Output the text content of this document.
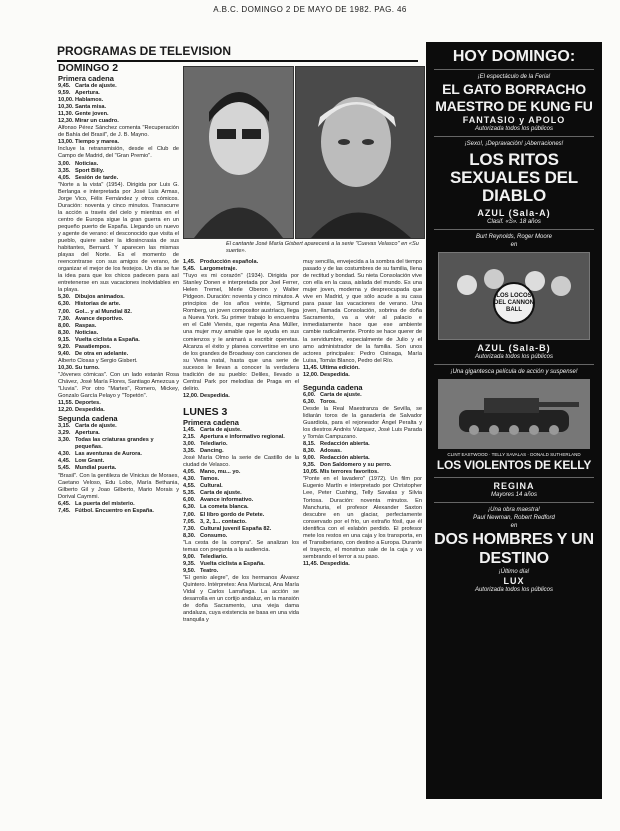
A.B.C. DOMINGO 2 DE MAYO DE 1982. PAG. 46
PROGRAMAS DE TELEVISION

DOMINGO 2

Primera cadena

9,45. Carta de ajuste.
9,59. Apertura.
10,00. Hablamos.
10,30. Santa misa.
11,30. Gente joven.
12,30. Mirar un cuadro.

Alfonso Pérez Sánchez comenta "Recuperación de Bahía del Brasil", de J. B. Mayno.

13,00. Tiempo y marea.

Incluye la retransmisión, desde el Club de Campo de Madrid, del "Gran Premio".

3,00. Noticias.
3,35. Sport Billy.
4,05. Sesión de tarde.

"Norte a la vista" (1954). Dirigida por Luis G. Berlanga e interpretada por José Luis Armas, Jorge Vico, Félix Fernández y otros cómicos. Duración: noventa y cinco minutos. Transcurre la acción a través del cielo y mientras en el centro de Europa sigue la gran guerra en un pequeño puerto de España. Llegando un nuevo y agente de verano: el desconocido que visita el pueblo, quiere saber la idiosincrasia de sus habitantes, Bernard. Y aparecen las mismas playas del Norte. Es el momento de reencontrarse con sus amigos de verano, de organizar el mejor de los festejos. Un día se fue la idea para que los chicos padecen para así entretenerse en sus vacaciones inolvidables en la playa.

5,30. Dibujos animados.
6,30. Historias de arte.
7,00. Gol... y al Mundial 82.
7,30. Avance deportivo.
8,00. Raspas.
8,30. Noticias.
9,15. Vuelta ciclista a España.
9,20. Pasatiempos.
9,40. De otra en adelante.

Alberto Closas y Sergio Gisbert.

10,30. Su turno.

"Jóvenes cómicas". Con un lado estarán Rosa Chávez, José María Flores, Santiago Amezcua y "Lluvia". Por otro "Martes", Romero, Mickey, Gonzalo García Pelayo y "Topetón".

11,55. Deportes.
12,20. Despedida.

Segunda cadena

3,15. Carta de ajuste.
3,29. Apertura.
3,30. Todas las criaturas grandes y pequeñas.
4,30. Las aventuras de Aurora.
4,45. Low Grant.
5,45. Mundial puerta.

"Brasil". Con la gentileza de Vinicius de Moraes, Caetano Veloso, Edu Lobo, María Bethania, Gilberto Gil y Joao Gilberto, Mario Morais y Dorival Caymmi.

6,45. La puerta del misterio.
7,45. Fútbol. Encuentro en España.
El cantante José María Gisbert aparecerá a la serie "Cuevas Velasco" en «Su suerte».
1,45. Producción española.
5,45. Largometraje.

"Tuyo es mi corazón" (1934). Dirigida por Stanley Donen e interpretada por Joel Ferrer, Helen Tremel, Merle Oberon y Walter Pidgeon. Duración: noventa y cinco minutos. A principios de los años veinte, Sigmund Romberg, un joven compositor austríaco, llega a Nueva York. Su primer trabajo lo encuentra en el Café Vienés, que regenta Ana Müller, una mujer muy amable que le ayuda en sus comienzos y le animará a escribir operetas. Alcanza el éxito y planea convertirse en uno de los grandes de Broadway con canciones de su Viena natal, hasta que una serie de sucesos le llevan a conocer la verdadera tradición de su pueblo: Deliles, llevado a Central Park por melodías de Praga en el delirio.

12,00. Despedida.

LUNES 3

Primera cadena

1,45. Carta de ajuste.
2,15. Apertura e informativo regional.
3,00. Telediario.
3,35. Dancing.

José María Olmo la serie de Castillo de la ciudad de Velasco.

4,05. Mano, mu... yo.
4,30. Tamos.
4,55. Cultural.
5,35. Carta de ajuste.
6,00. Avance informativo.
6,30. La cometa blanca.
7,00. El libro gordo de Petete.
7,05. 3, 2, 1... contacto.
7,30. Cultural juvenil España 82.
8,30. Consumo.

"La cesta de la compra". Se analizan los temas con pregunta a la audiencia.

9,00. Telediario.
9,35. Vuelta ciclista a España.
9,50. Teatro.

"El genio alegre", de los hermanos Álvarez Quintero. Intérpretes: Ana Mariscal, Ana María Vidal y Carlos Larrañaga. La acción se desarrolla en un cortijo andaluz, en la mansión de doña Sacramento, una vieja dama andaluza, cuya existencia se basa en una vida tranquila y

muy sencilla, envejecida a la sombra del tiempo pasado y de las costumbres de su familia, llena de rectitud y bondad. Su nieta Consolación vive con ella en la casa, aislada del mundo. Es una mujer joven, moderna y despreocupada que vive en Madrid, y que sólo acude a su casa para pasar las vacaciones de verano. Una joven, llamada Consolación, sobrina de doña Sacramento, va a vivir al palacio e inmediatamente hace que ese ambiente cambie radicalmente. Pronto se hace querer de la servidumbre, especialmente de Julio y el amo administrador de la familia. Son unos actores principales: Pedro Osinaga, María Luisa, Tomás Blanco, Pedro del Río.

11,45. Ultima edición.
12,00. Despedida.

Segunda cadena

6,00. Carta de ajuste.
6,30. Toros.

Desde la Real Maestranza de Sevilla, se lidiarán toros de la ganadería de Salvador Guardiola, para el rejoneador Ángel Peralta y los diestros Andrés Vázquez, José Luis Parada y Tomás Campuzano.

8,15. Redacción abierta.
8,30. Adosas.
9,00. Redacción abierta.
9,35. Don Saldomero y su perro.
10,05. Mis terrores favoritos.

"Ponte en el lavadero" (1972). Un film por Eugenio Martín e interpretado por Christopher Lee, Peter Cushing, Telly Savalas y Silvia Tortosa. Duración: noventa minutos. En Manchuria, el profesor Alexander Saxton descubre en un glaciar, perfectamente conservado por el frío, un extraño fósil, que él identifica con el eslabón perdido. El profesor mete los restos en una caja y los transporta, en el Transiberiano, con destino a Europa. Durante el trayecto, el monstruo sale de la caja y va sembrando el terror a su paso.

11,45. Despedida.
HOY DOMINGO:
¡El espectáculo de la Feria!
EL GATO BORRACHO
MAESTRO DE KUNG FU
FANTASIO y APOLO
Autorizada todos los públicos
¡Sexo!, ¡Depravación! ¡Aberraciones!
LOS RITOS SEXUALES DEL DIABLO
AZUL (Sala-A)
Clasif. «S». 18 años
Burt Reynolds, Roger Moore
en
LOS LOCOS DEL CANNON BALL
AZUL (Sala-B)
Autorizada todos los públicos
¡Una gigantesca película de acción y suspense!
CLINT EASTWOOD · TELLY SAVALAS · DONALD SUTHERLAND
LOS VIOLENTOS DE KELLY
REGINA
Mayores 14 años
¡Una obra maestra!
Paul Newman, Robert Redford
en
DOS HOMBRES Y UN DESTINO
¡Último día!
LUX
Autorizada todos los públicos
